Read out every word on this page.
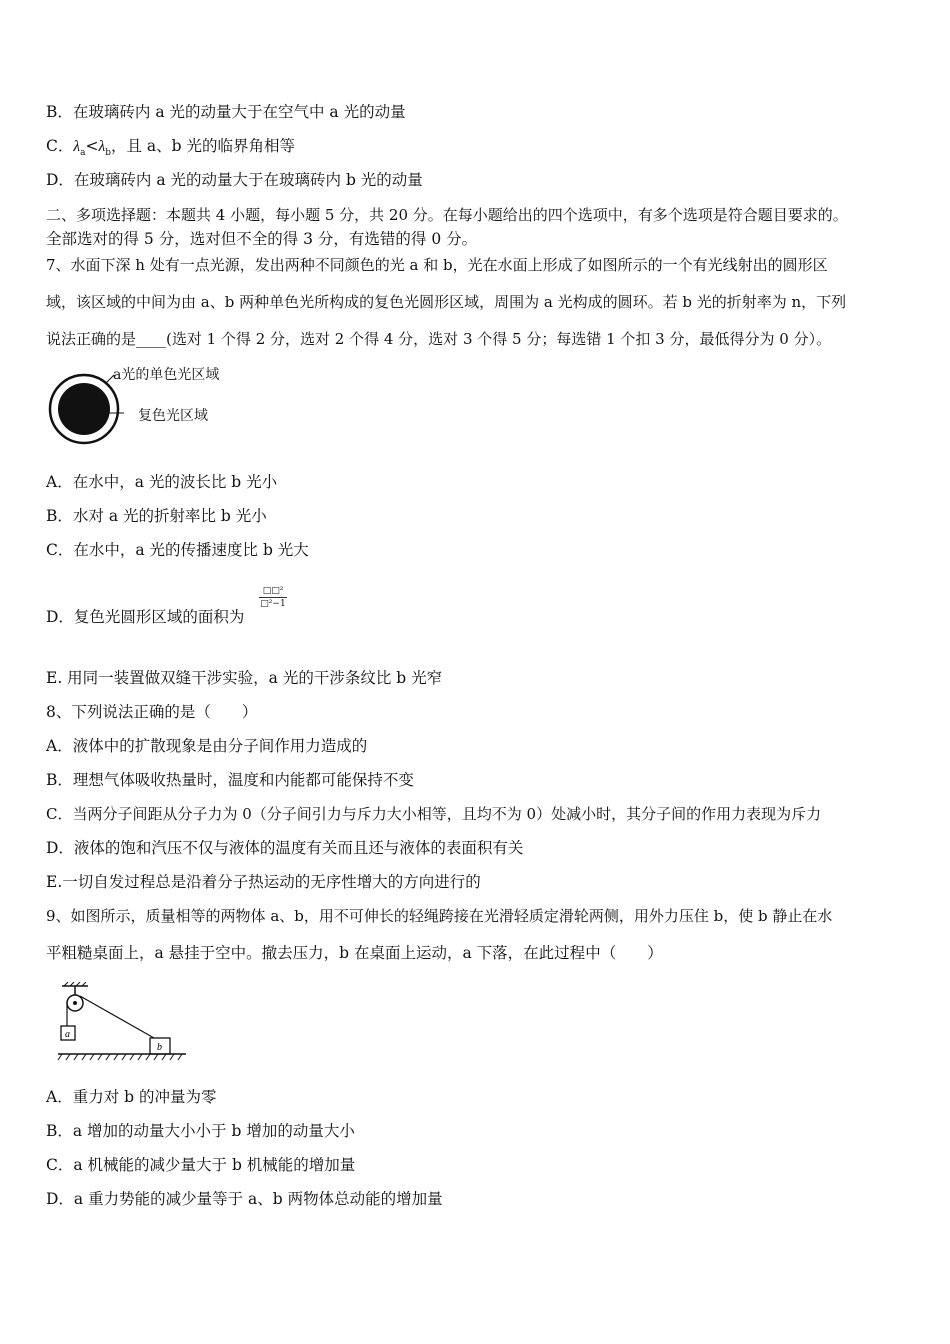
B．在玻璃砖内 a 光的动量大于在空气中 a 光的动量
C．$\lambda_a<\lambda_b$，且 a、b 光的临界角相等
D．在玻璃砖内 a 光的动量大于在玻璃砖内 b 光的动量
二、多项选择题：本题共 4 小题，每小题 5 分，共 20 分。在每小题给出的四个选项中，有多个选项是符合题目要求的。
全部选对的得 5 分，选对但不全的得 3 分，有选错的得 0 分。
7、水面下深 h 处有一点光源，发出两种不同颜色的光 a 和 b，光在水面上形成了如图所示的一个有光线射出的圆形区
域，该区域的中间为由 a、b 两种单色光所构成的复色光圆形区域，周围为 a 光构成的圆环。若 b 光的折射率为 n，下列
说法正确的是____(选对 1 个得 2 分，选对 2 个得 4 分，选对 3 个得 5 分；每选错 1 个扣 3 分，最低得分为 0 分）。
a光的单色光区域
复色光区域
A．在水中，a 光的波长比 b 光小
B．水对 a 光的折射率比 b 光小
C．在水中，a 光的传播速度比 b 光大
D．复色光圆形区域的面积为
□□²
□²−1
E. 用同一装置做双缝干涉实验，a 光的干涉条纹比 b 光窄
8、下列说法正确的是（　　）
A．液体中的扩散现象是由分子间作用力造成的
B．理想气体吸收热量时，温度和内能都可能保持不变
C．当两分子间距从分子力为 0（分子间引力与斥力大小相等，且均不为 0）处减小时，其分子间的作用力表现为斥力
D．液体的饱和汽压不仅与液体的温度有关而且还与液体的表面积有关
E.一切自发过程总是沿着分子热运动的无序性增大的方向进行的
9、如图所示，质量相等的两物体 a、b，用不可伸长的轻绳跨接在光滑轻质定滑轮两侧，用外力压住 b，使 b 静止在水
平粗糙桌面上，a 悬挂于空中。撤去压力，b 在桌面上运动，a 下落，在此过程中（　　）
a
b
A．重力对 b 的冲量为零
B．a 增加的动量大小小于 b 增加的动量大小
C．a 机械能的减少量大于 b 机械能的增加量
D．a 重力势能的减少量等于 a、b 两物体总动能的增加量
